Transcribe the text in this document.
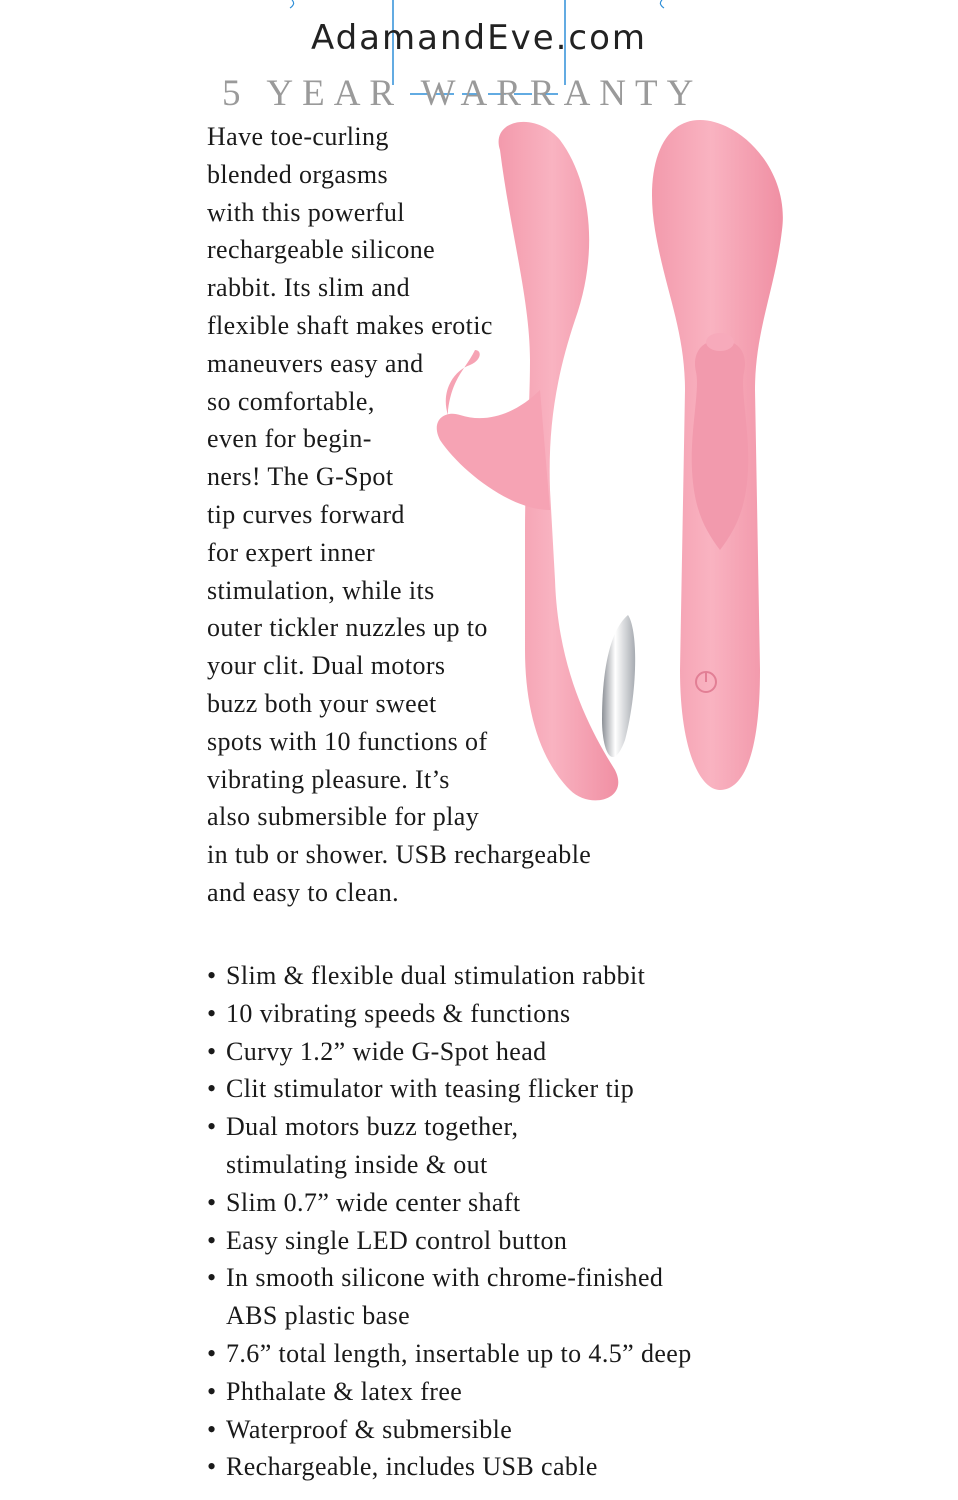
AdamandEve.com
5 YEAR WARRANTY
Have toe-curling
blended orgasms
with this powerful
rechargeable silicone
rabbit. Its slim and
flexible shaft makes erotic
maneuvers easy and
so comfortable,
even for begin-
ners! The G-Spot
tip curves forward
for expert inner
stimulation, while its
outer tickler nuzzles up to
your clit. Dual motors
buzz both your sweet
spots with 10 functions of
vibrating pleasure. It’s
also submersible for play
in tub or shower. USB rechargeable
and easy to clean.
• Slim & flexible dual stimulation rabbit
• 10 vibrating speeds & functions
• Curvy 1.2” wide G-Spot head
• Clit stimulator with teasing flicker tip
• Dual motors buzz together,
stimulating inside & out
• Slim 0.7” wide center shaft
• Easy single LED control button
• In smooth silicone with chrome-finished
ABS plastic base
• 7.6” total length, insertable up to 4.5” deep
• Phthalate & latex free
• Waterproof & submersible
• Rechargeable, includes USB cable
